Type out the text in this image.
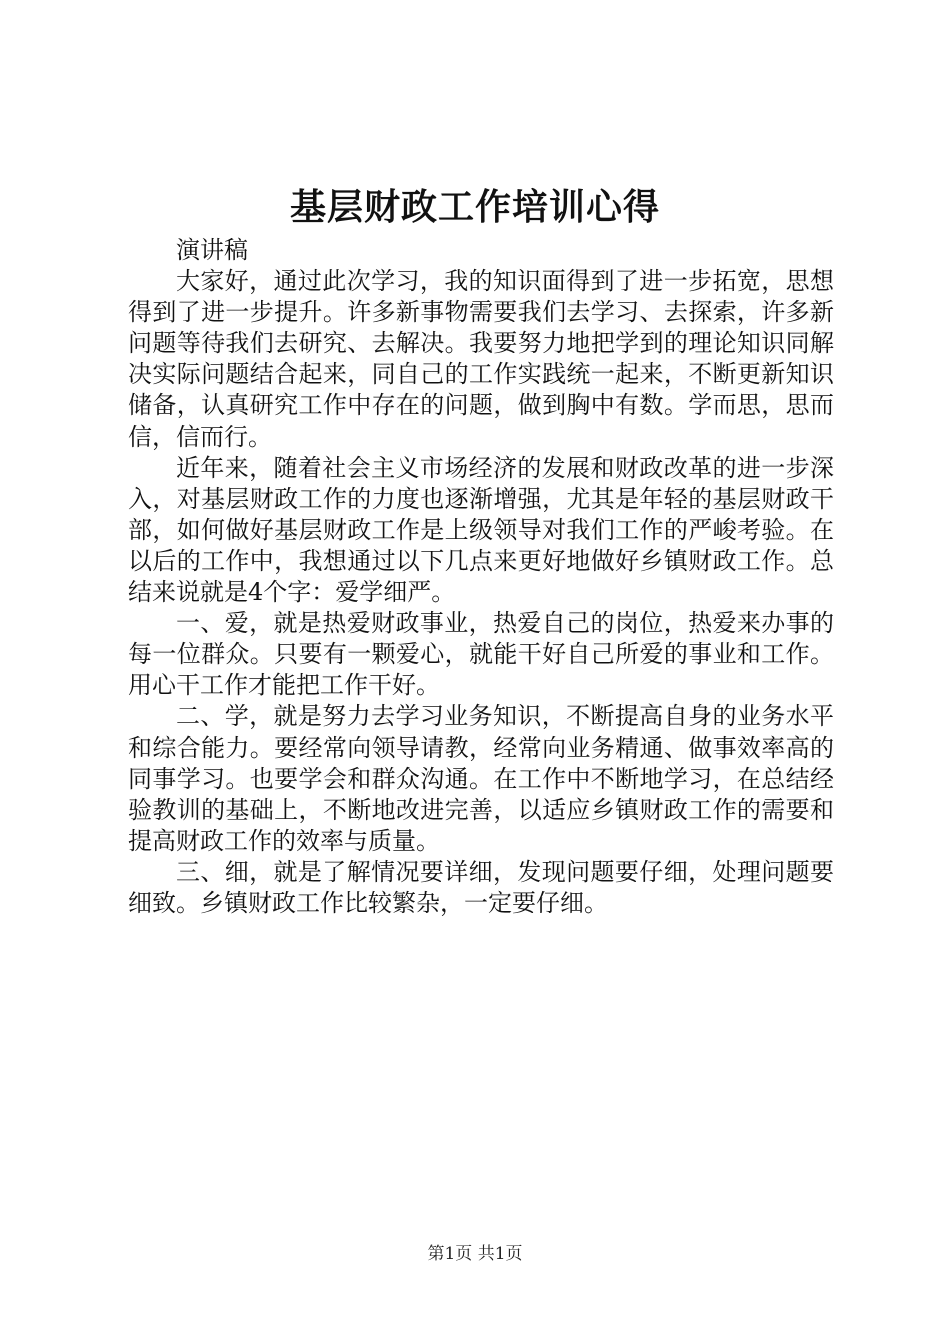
基层财政工作培训心得

演讲稿

大家好，通过此次学习，我的知识面得到了进一步拓宽，思想得到了进一步提升。许多新事物需要我们去学习、去探索，许多新问题等待我们去研究、去解决。我要努力地把学到的理论知识同解决实际问题结合起来，同自己的工作实践统一起来，不断更新知识储备，认真研究工作中存在的问题，做到胸中有数。学而思，思而信，信而行。

近年来，随着社会主义市场经济的发展和财政改革的进一步深入，对基层财政工作的力度也逐渐增强，尤其是年轻的基层财政干部，如何做好基层财政工作是上级领导对我们工作的严峻考验。在以后的工作中，我想通过以下几点来更好地做好乡镇财政工作。总结来说就是4个字：爱学细严。

一、爱，就是热爱财政事业，热爱自己的岗位，热爱来办事的每一位群众。只要有一颗爱心，就能干好自己所爱的事业和工作。用心干工作才能把工作干好。

二、学，就是努力去学习业务知识，不断提高自身的业务水平和综合能力。要经常向领导请教，经常向业务精通、做事效率高的同事学习。也要学会和群众沟通。在工作中不断地学习，在总结经验教训的基础上，不断地改进完善，以适应乡镇财政工作的需要和提高财政工作的效率与质量。

三、细，就是了解情况要详细，发现问题要仔细，处理问题要细致。乡镇财政工作比较繁杂，一定要仔细。

第1页 共1页
